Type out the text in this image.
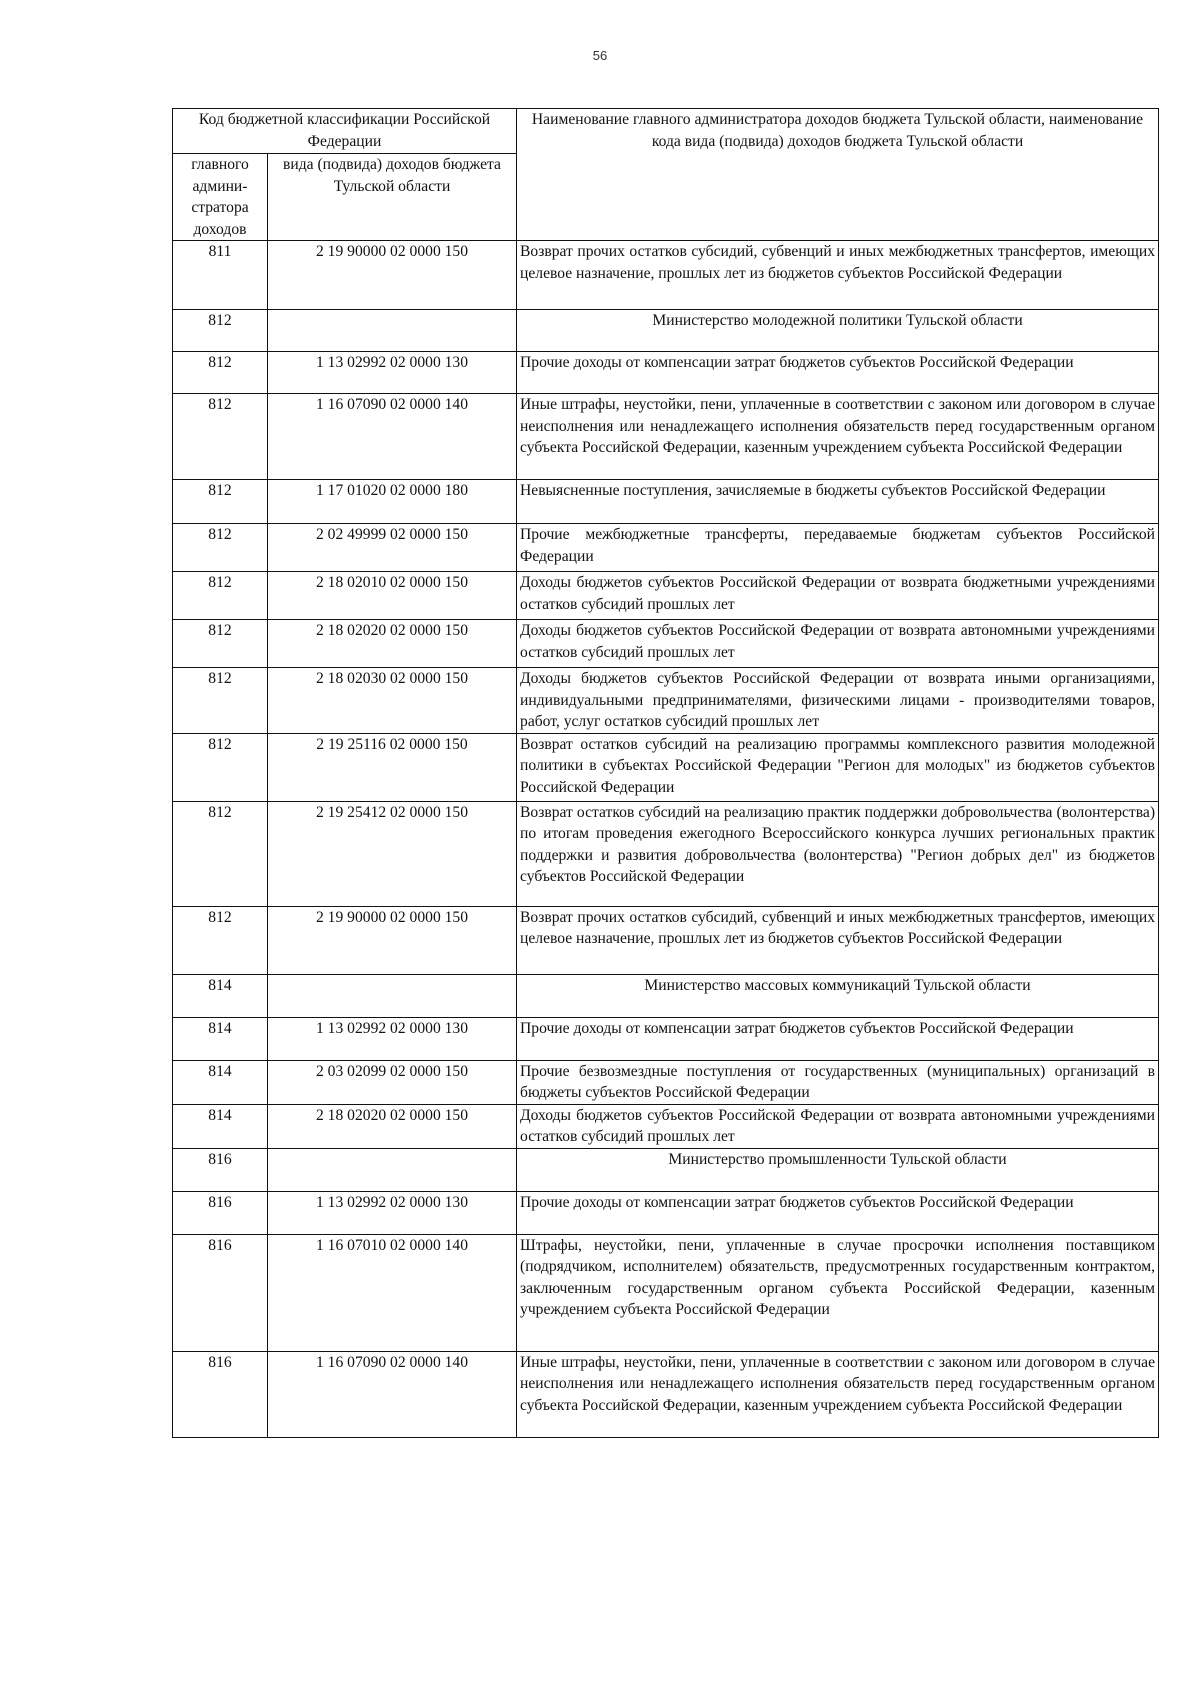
56
Код бюджетной классификации Российской Федерации		Наименование главного администратора доходов бюджета Тульской области, наименование кода вида (подвида) доходов бюджета Тульской области
главного админи-стратора доходов	вида (подвида) доходов бюджета Тульской области	
811	2 19 90000 02 0000 150	Возврат прочих остатков субсидий, субвенций и иных межбюджетных трансфертов, имеющих целевое назначение, прошлых лет из бюджетов субъектов Российской Федерации
812		Министерство молодежной политики Тульской области
812	1 13 02992 02 0000 130	Прочие доходы от компенсации затрат бюджетов субъектов Российской Федерации
812	1 16 07090 02 0000 140	Иные штрафы, неустойки, пени, уплаченные в соответствии с законом или договором в случае неисполнения или ненадлежащего исполнения обязательств перед государственным органом субъекта Российской Федерации, казенным учреждением субъекта Российской Федерации
812	1 17 01020 02 0000 180	Невыясненные поступления, зачисляемые в бюджеты субъектов Российской Федерации
812	2 02 49999 02 0000 150	Прочие межбюджетные трансферты, передаваемые бюджетам субъектов Российской Федерации
812	2 18 02010 02 0000 150	Доходы бюджетов субъектов Российской Федерации от возврата бюджетными учреждениями остатков субсидий прошлых лет
812	2 18 02020 02 0000 150	Доходы бюджетов субъектов Российской Федерации от возврата автономными учреждениями остатков субсидий прошлых лет
812	2 18 02030 02 0000 150	Доходы бюджетов субъектов Российской Федерации от возврата иными организациями, индивидуальными предпринимателями, физическими лицами - производителями товаров, работ, услуг остатков субсидий прошлых лет
812	2 19 25116 02 0000 150	Возврат остатков субсидий на реализацию программы комплексного развития молодежной политики в субъектах Российской Федерации "Регион для молодых" из бюджетов субъектов Российской Федерации
812	2 19 25412 02 0000 150	Возврат остатков субсидий на реализацию практик поддержки добровольчества (волонтерства) по итогам проведения ежегодного Всероссийского конкурса лучших региональных практик поддержки и развития добровольчества (волонтерства) "Регион добрых дел" из бюджетов субъектов Российской Федерации
812	2 19 90000 02 0000 150	Возврат прочих остатков субсидий, субвенций и иных межбюджетных трансфертов, имеющих целевое назначение, прошлых лет из бюджетов субъектов Российской Федерации
814		Министерство массовых коммуникаций Тульской области
814	1 13 02992 02 0000 130	Прочие доходы от компенсации затрат бюджетов субъектов Российской Федерации
814	2 03 02099 02 0000 150	Прочие безвозмездные поступления от государственных (муниципальных) организаций в бюджеты субъектов Российской Федерации
814	2 18 02020 02 0000 150	Доходы бюджетов субъектов Российской Федерации от возврата автономными учреждениями остатков субсидий прошлых лет
816		Министерство промышленности Тульской области
816	1 13 02992 02 0000 130	Прочие доходы от компенсации затрат бюджетов субъектов Российской Федерации
816	1 16 07010 02 0000 140	Штрафы, неустойки, пени, уплаченные в случае просрочки исполнения поставщиком (подрядчиком, исполнителем) обязательств, предусмотренных государственным контрактом, заключенным государственным органом субъекта Российской Федерации, казенным учреждением субъекта Российской Федерации
816	1 16 07090 02 0000 140	Иные штрафы, неустойки, пени, уплаченные в соответствии с законом или договором в случае неисполнения или ненадлежащего исполнения обязательств перед государственным органом субъекта Российской Федерации, казенным учреждением субъекта Российской Федерации
